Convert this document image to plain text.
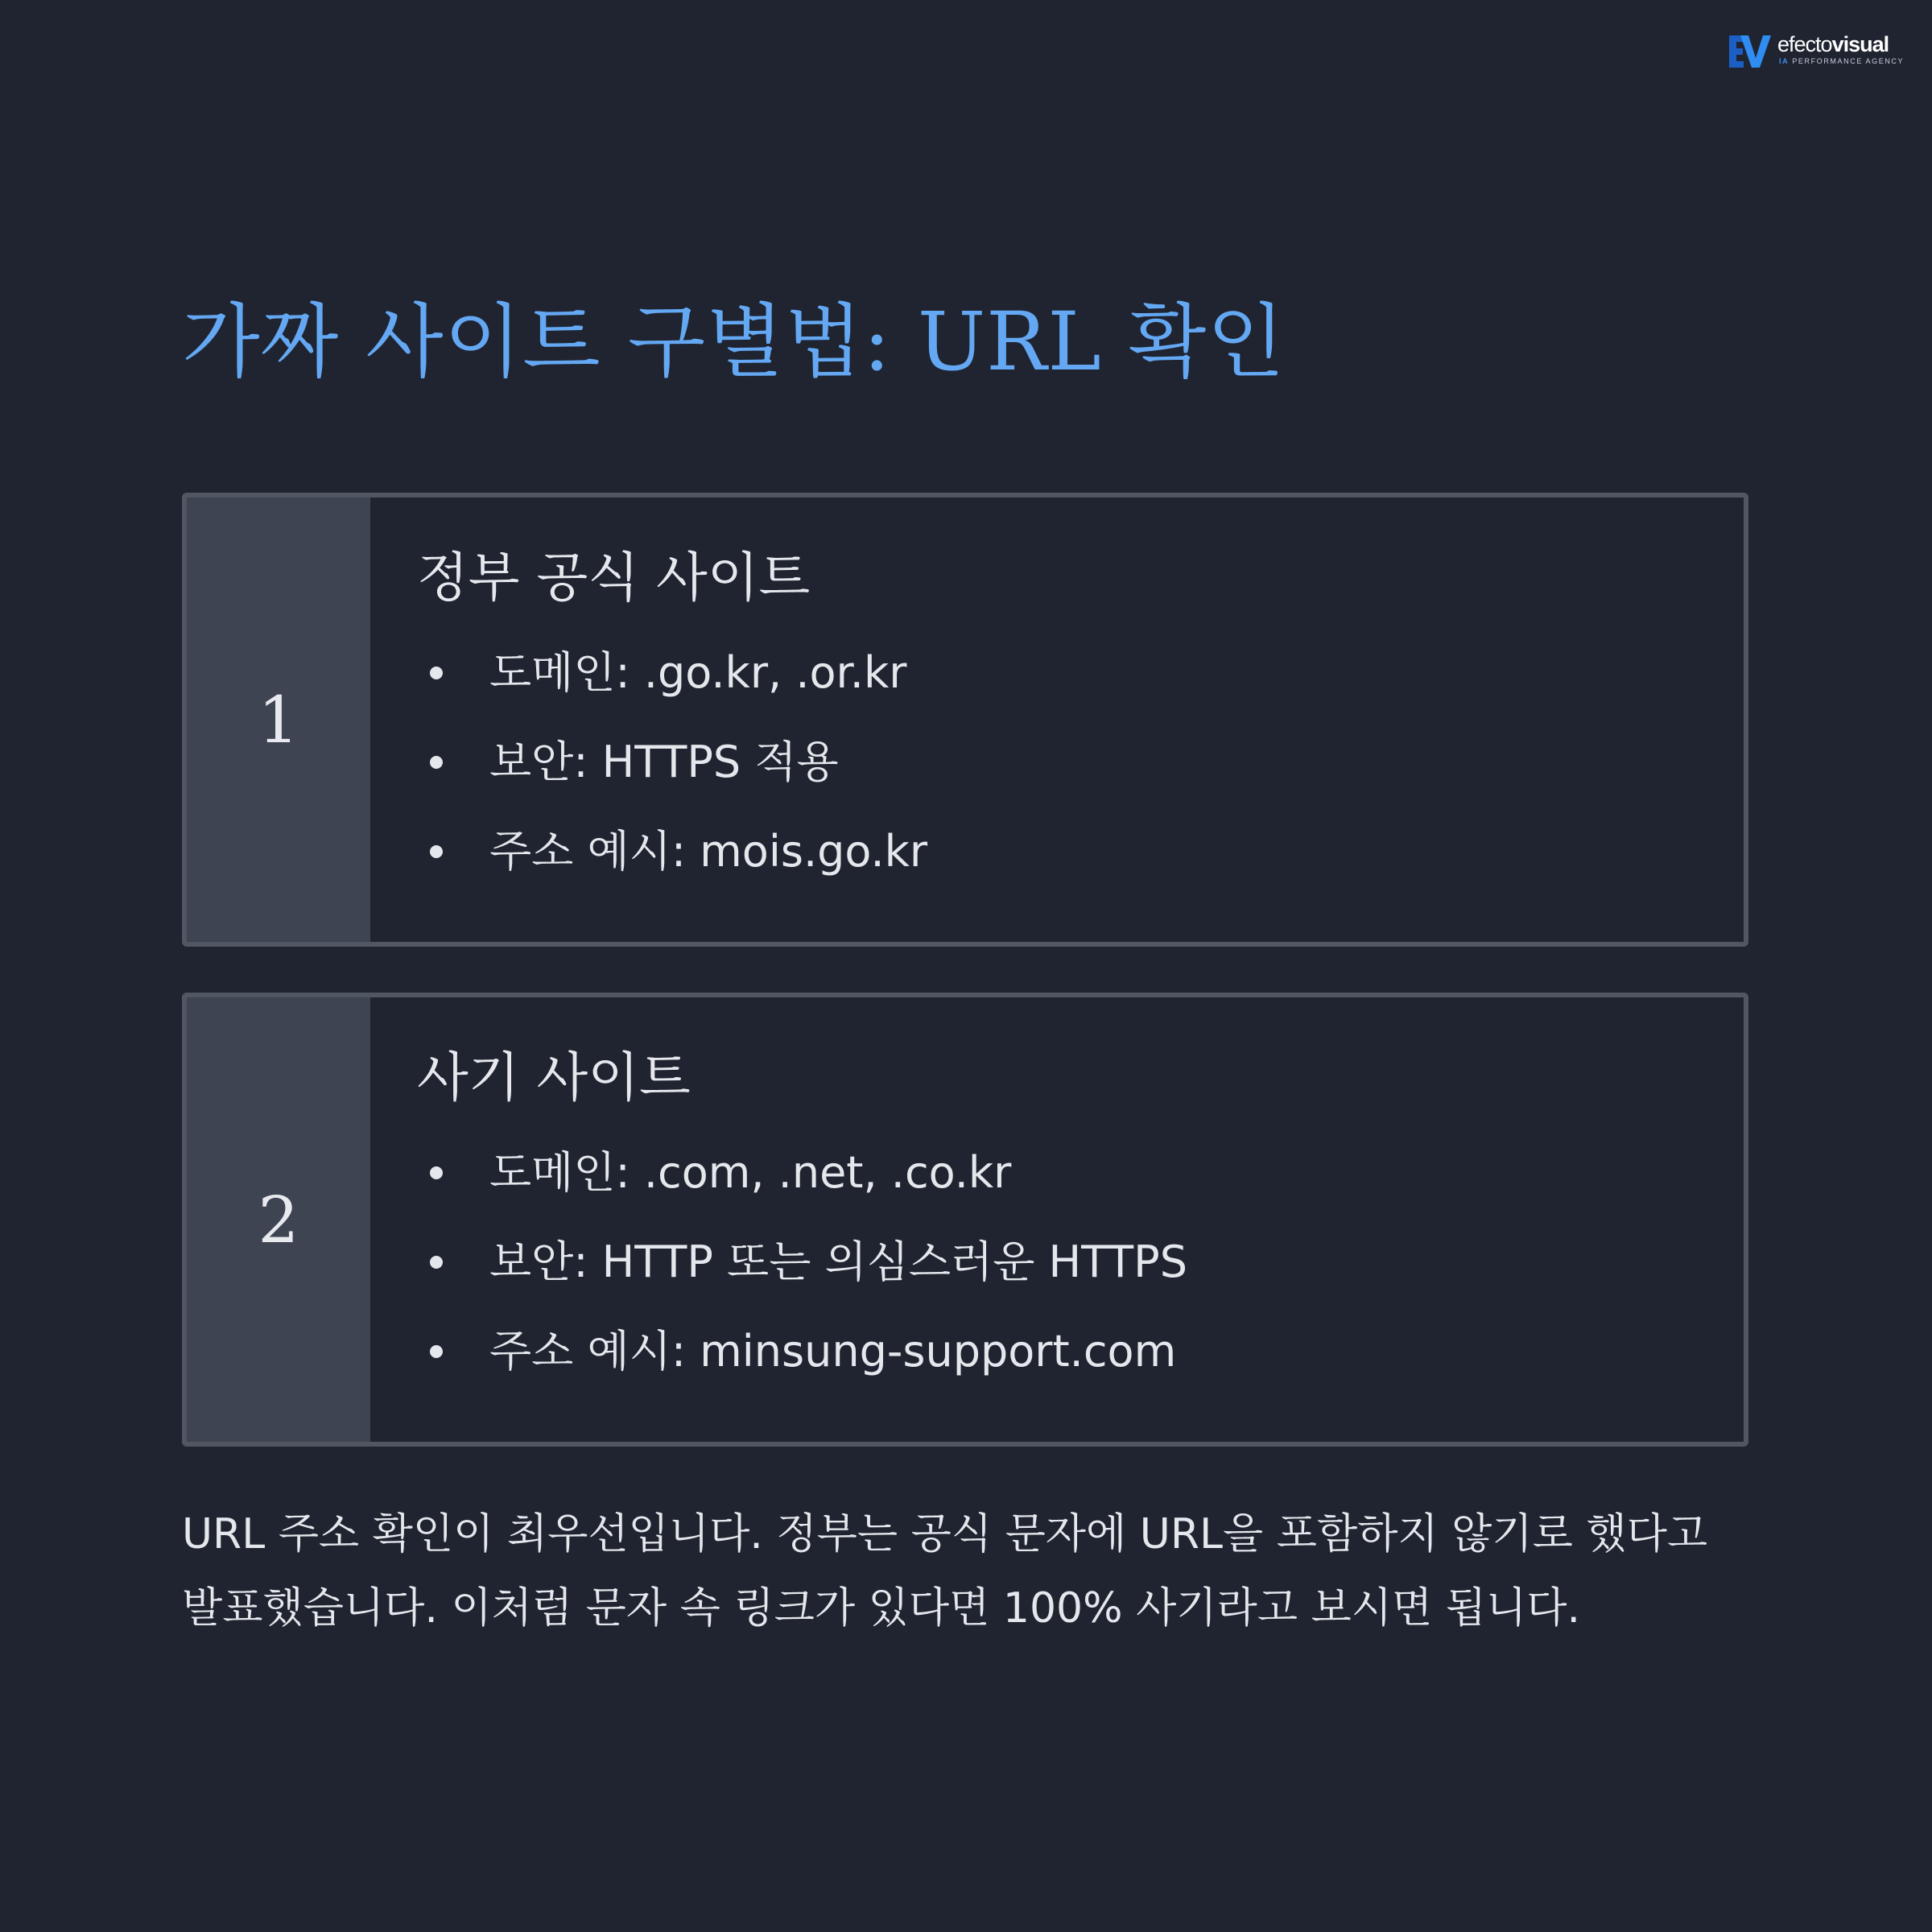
efectovisual
IA PERFORMANCE AGENCY
가짜 사이트 구별법: URL 확인
1
정부 공식 사이트
도메인: .go.kr, .or.kr
보안: HTTPS 적용
주소 예시: mois.go.kr
2
사기 사이트
도메인: .com, .net, .co.kr
보안: HTTP 또는 의심스러운 HTTPS
주소 예시: minsung-support.com

URL 주소 확인이 최우선입니다. 정부는 공식 문자에 URL을 포함하지 않기로 했다고 발표했습니다. 이처럼 문자 속 링크가 있다면 100% 사기라고 보시면 됩니다.
